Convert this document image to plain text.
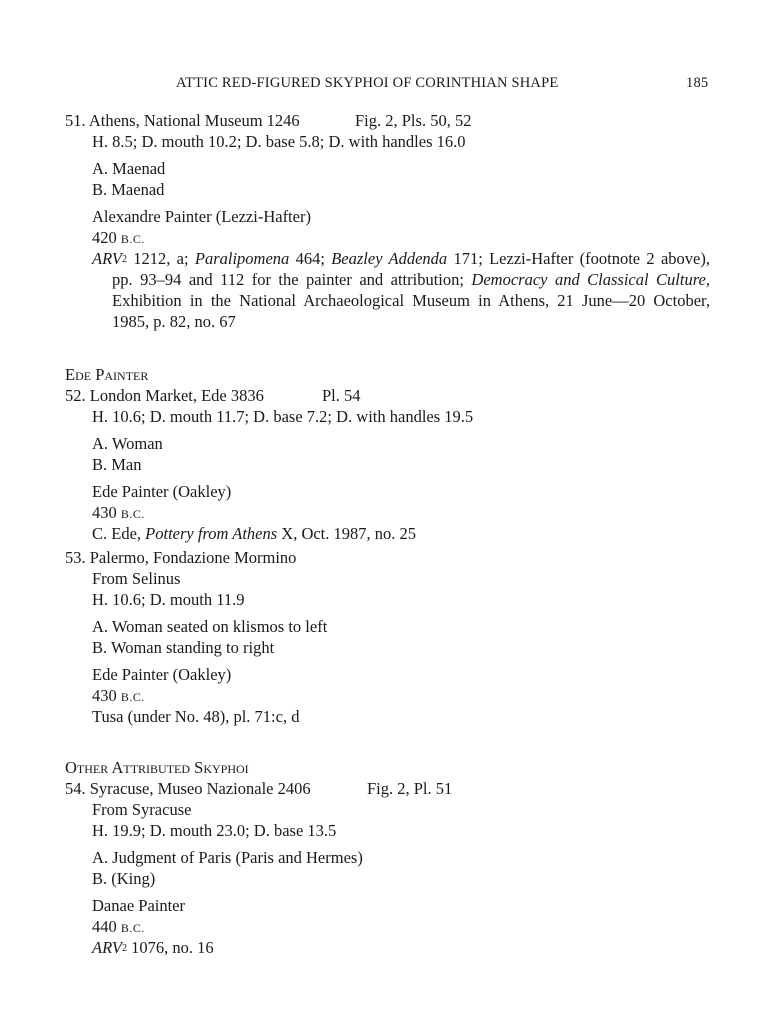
ATTIC RED-FIGURED SKYPHOI OF CORINTHIAN SHAPE	185
51. Athens, National Museum 1246	Fig. 2, Pls. 50, 52
H. 8.5; D. mouth 10.2; D. base 5.8; D. with handles 16.0
A. Maenad
B. Maenad
Alexandre Painter (Lezzi-Hafter)
420 B.C.
ARV$^2$ 1212, a; Paralipomena 464; Beazley Addenda 171; Lezzi-Hafter (footnote 2 above), pp. 93–94 and 112 for the painter and attribution; Democracy and Classical Culture, Exhibition in the National Archaeological Museum in Athens, 21 June—20 October, 1985, p. 82, no. 67
Ede Painter
52. London Market, Ede 3836	Pl. 54
H. 10.6; D. mouth 11.7; D. base 7.2; D. with handles 19.5
A. Woman
B. Man
Ede Painter (Oakley)
430 B.C.
C. Ede, Pottery from Athens X, Oct. 1987, no. 25
53. Palermo, Fondazione Mormino
From Selinus
H. 10.6; D. mouth 11.9
A. Woman seated on klismos to left
B. Woman standing to right
Ede Painter (Oakley)
430 B.C.
Tusa (under No. 48), pl. 71:c, d
Other Attributed Skyphoi
54. Syracuse, Museo Nazionale 2406	Fig. 2, Pl. 51
From Syracuse
H. 19.9; D. mouth 23.0; D. base 13.5
A. Judgment of Paris (Paris and Hermes)
B. (King)
Danae Painter
440 B.C.
ARV$^2$ 1076, no. 16
